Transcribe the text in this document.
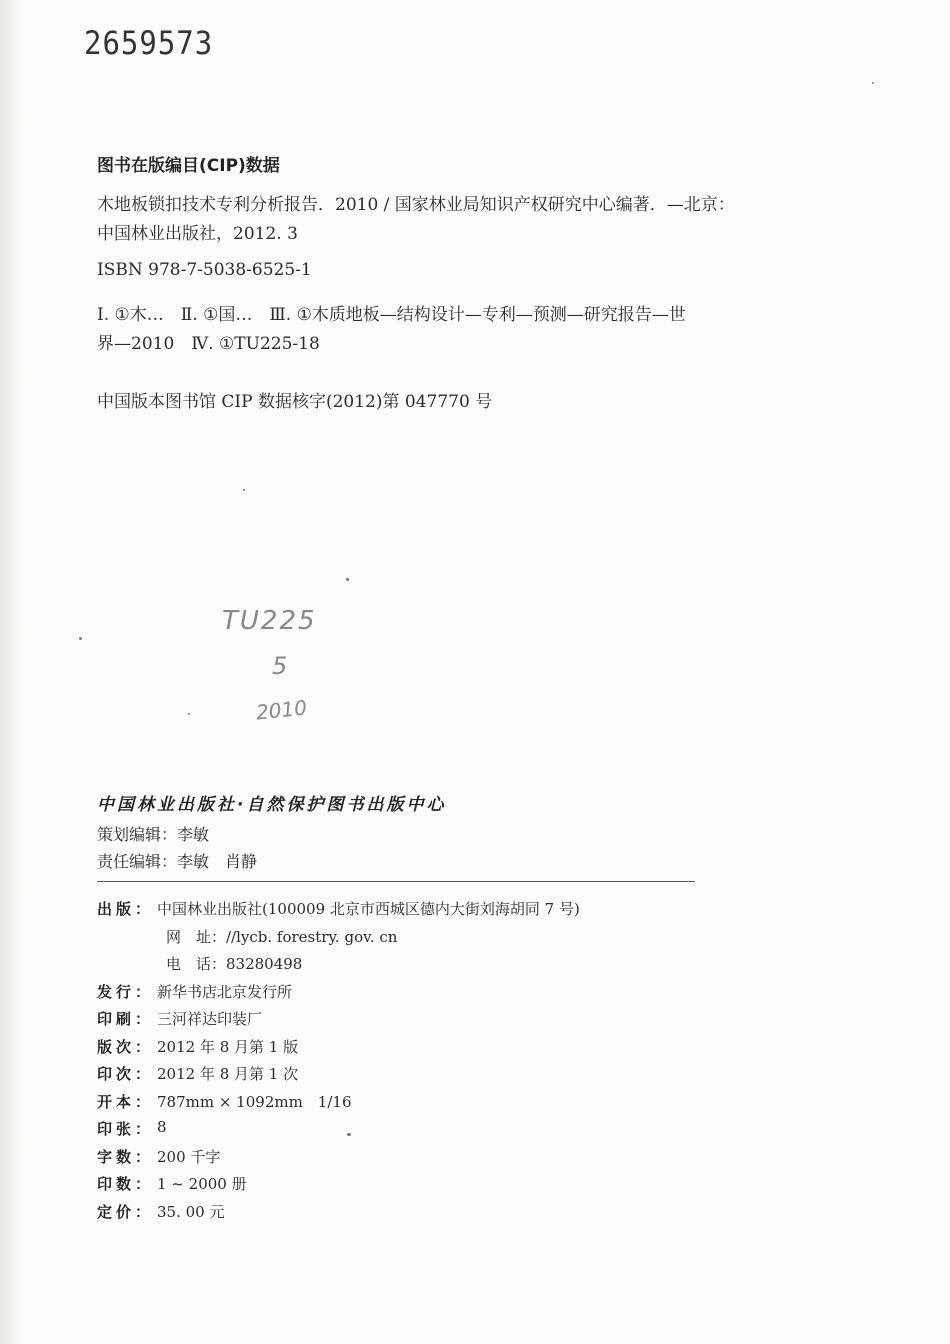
2659573
图书在版编目(CIP)数据
木地板锁扣技术专利分析报告．2010 / 国家林业局知识产权研究中心编著．—北京：
中国林业出版社，2012. 3
ISBN 978-7-5038-6525-1
Ⅰ. ①木…　Ⅱ. ①国…　Ⅲ. ①木质地板—结构设计—专利—预测—研究报告—世
界—2010　Ⅳ. ①TU225-18
中国版本图书馆 CIP 数据核字(2012)第 047770 号
TU225
5
2010
中国林业出版社·自然保护图书出版中心
策划编辑：李敏
责任编辑：李敏　肖静
出版： 中国林业出版社(100009 北京市西城区德内大街刘海胡同 7 号)
网　址：//lycb. forestry. gov. cn
电　话：83280498
发行： 新华书店北京发行所
印刷： 三河祥达印装厂
版次： 2012 年 8 月第 1 版
印次： 2012 年 8 月第 1 次
开本： 787mm × 1092mm　1/16
印张： 8
字数： 200 千字
印数： 1 ~ 2000 册
定价： 35. 00 元
